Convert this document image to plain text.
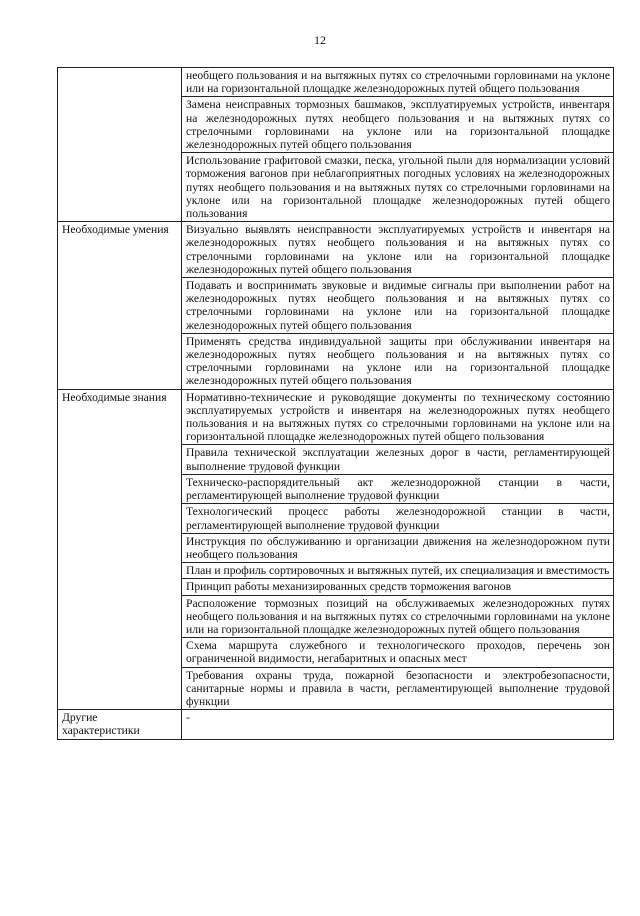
12
	необщего пользования и на вытяжных путях со стрелочными горловинами на уклоне или на горизонтальной площадке железнодорожных путей общего пользования
	Замена неисправных тормозных башмаков, эксплуатируемых устройств, инвентаря на железнодорожных путях необщего пользования и на вытяжных путях со стрелочными горловинами на уклоне или на горизонтальной площадке железнодорожных путей общего пользования
	Использование графитовой смазки, песка, угольной пыли для нормализации условий торможения вагонов при неблагоприятных погодных условиях на железнодорожных путях необщего пользования и на вытяжных путях со стрелочными горловинами на уклоне или на горизонтальной площадке железнодорожных путей общего пользования
Необходимые умения	Визуально выявлять неисправности эксплуатируемых устройств и инвентаря на железнодорожных путях необщего пользования и на вытяжных путях со стрелочными горловинами на уклоне или на горизонтальной площадке железнодорожных путей общего пользования
	Подавать и воспринимать звуковые и видимые сигналы при выполнении работ на железнодорожных путях необщего пользования и на вытяжных путях со стрелочными горловинами на уклоне или на горизонтальной площадке железнодорожных путей общего пользования
	Применять средства индивидуальной защиты при обслуживании инвентаря на железнодорожных путях необщего пользования и на вытяжных путях со стрелочными горловинами на уклоне или на горизонтальной площадке железнодорожных путей общего пользования
Необходимые знания	Нормативно-технические и руководящие документы по техническому состоянию эксплуатируемых устройств и инвентаря на железнодорожных путях необщего пользования и на вытяжных путях со стрелочными горловинами на уклоне или на горизонтальной площадке железнодорожных путей общего пользования
	Правила технической эксплуатации железных дорог в части, регламентирующей выполнение трудовой функции
	Техническо-распорядительный акт железнодорожной станции в части, регламентирующей выполнение трудовой функции
	Технологический процесс работы железнодорожной станции в части, регламентирующей выполнение трудовой функции
	Инструкция по обслуживанию и организации движения на железнодорожном пути необщего пользования
	План и профиль сортировочных и вытяжных путей, их специализация и вместимость
	Принцип работы механизированных средств торможения вагонов
	Расположение тормозных позиций на обслуживаемых железнодорожных путях необщего пользования и на вытяжных путях со стрелочными горловинами на уклоне или на горизонтальной площадке железнодорожных путей общего пользования
	Схема маршрута служебного и технологического проходов, перечень зон ограниченной видимости, негабаритных и опасных мест
	Требования охраны труда, пожарной безопасности и электробезопасности, санитарные нормы и правила в части, регламентирующей выполнение трудовой функции
Другие характеристики	-
